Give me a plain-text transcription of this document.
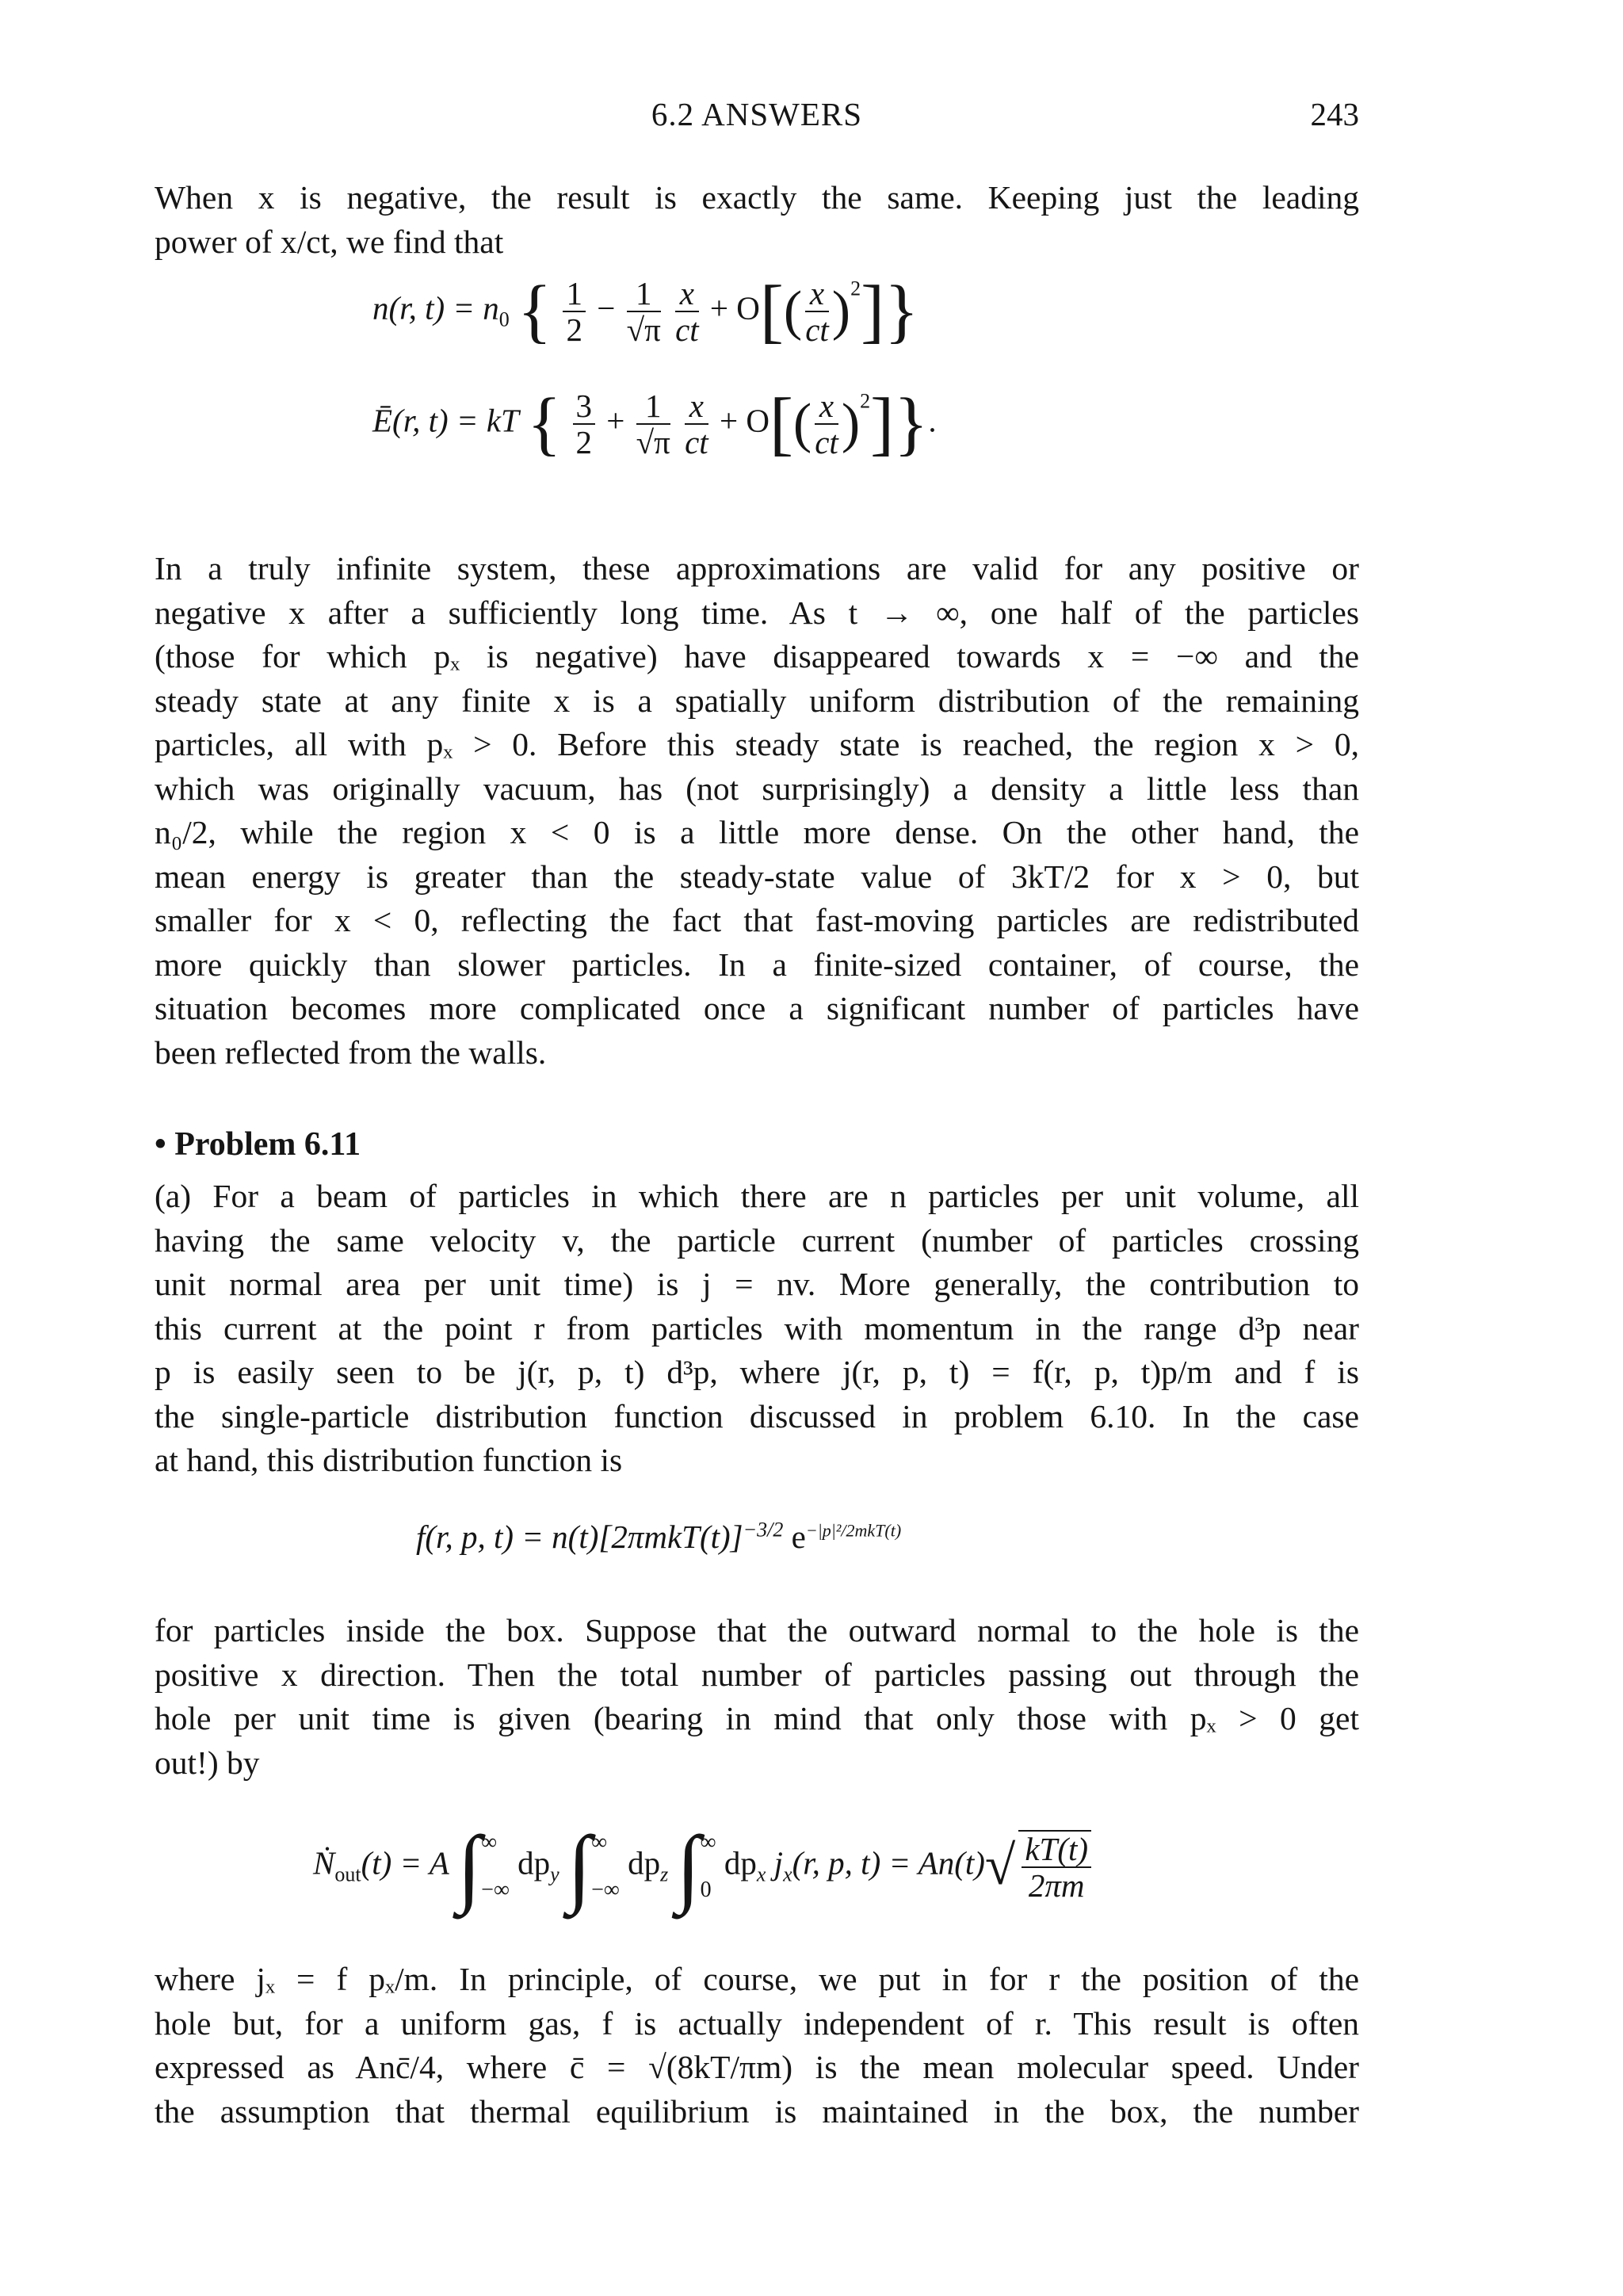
6.2 ANSWERS	243
When x is negative, the result is exactly the same. Keeping just the leading
power of x/ct, we find that
n(r, $t) = n_0$ { $\frac{1}{2} - \frac{1}{√\pi}$
$\frac{x}{ct} + O[( \frac{x}{ct} )^2]$}
Ē(r, t) = kT { $\frac{3}{2} + \frac{1}{√\pi}$
$\frac{x}{ct} + O[( \frac{x}{ct} )^2]$}.
In a truly infinite system, these approximations are valid for any positive or
negative x after a sufficiently long time. As t → ∞, one half of the particles
(those for which pₓ is negative) have disappeared towards x = −∞ and the
steady state at any finite x is a spatially uniform distribution of the remaining
particles, all with pₓ > 0. Before this steady state is reached, the region x > 0,
which was originally vacuum, has (not surprisingly) a density a little less than
n₀/2, while the region x < 0 is a little more dense. On the other hand, the
mean energy is greater than the steady-state value of 3kT/2 for x > 0, but
smaller for x < 0, reflecting the fact that fast-moving particles are redistributed
more quickly than slower particles. In a finite-sized container, of course, the
situation becomes more complicated once a significant number of particles have
been reflected from the walls.
• Problem 6.11
(a) For a beam of particles in which there are n particles per unit volume, all
having the same velocity v, the particle current (number of particles crossing
unit normal area per unit time) is j = nv. More generally, the contribution to
this current at the point r from particles with momentum in the range d³p near
p is easily seen to be j(r, p, t) d³p, where j(r, p, t) = f(r, p, t)p/m and f is
the single-particle distribution function discussed in problem 6.10. In the case
at hand, this distribution function is
f(r, p, $t) = n(t)[2\pi mkT(t)]^{-3/2}$ $e^{-|p|^2/2mkT(t)}$
for particles inside the box. Suppose that the outward normal to the hole is the
positive x direction. Then the total number of particles passing out through the
hole per unit time is given (bearing in mind that only those with pₓ > 0 get
out!) by
Ṅ$_{out}$(t) = A ∫ ∞
−∞
$dp_y$ ∫ ∞
−∞
$dp_z$ ∫ ∞
0
$dp_x$ $j_x(r$, p, $t) = An(t)√ \frac{kT(t)}{2\pi m}$
where jₓ = f pₓ/m. In principle, of course, we put in for r the position of the
hole but, for a uniform gas, f is actually independent of r. This result is often
expressed as Anc̄/4, where c̄ = √(8kT/πm) is the mean molecular speed. Under
the assumption that thermal equilibrium is maintained in the box, the number
